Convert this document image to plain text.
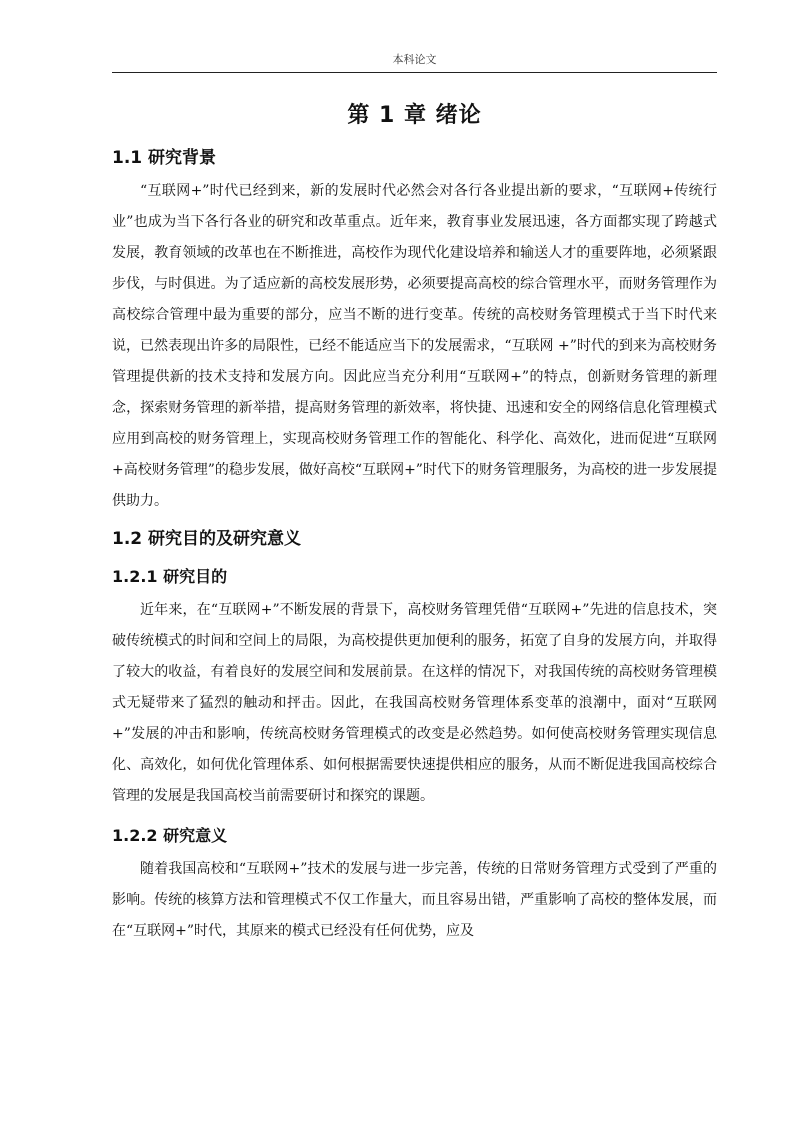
本科论文
第 1 章 绪论
1.1 研究背景

“互联网+”时代已经到来，新的发展时代必然会对各行各业提出新的要求，“互联网+传统行业”也成为当下各行各业的研究和改革重点。近年来，教育事业发展迅速，各方面都实现了跨越式发展，教育领域的改革也在不断推进，高校作为现代化建设培养和输送人才的重要阵地，必须紧跟步伐，与时俱进。为了适应新的高校发展形势，必须要提高高校的综合管理水平，而财务管理作为高校综合管理中最为重要的部分，应当不断的进行变革。传统的高校财务管理模式于当下时代来说，已然表现出许多的局限性，已经不能适应当下的发展需求，“互联网 +”时代的到来为高校财务管理提供新的技术支持和发展方向。因此应当充分利用“互联网+”的特点，创新财务管理的新理念，探索财务管理的新举措，提高财务管理的新效率，将快捷、迅速和安全的网络信息化管理模式应用到高校的财务管理上，实现高校财务管理工作的智能化、科学化、高效化，进而促进“互联网+高校财务管理”的稳步发展，做好高校“互联网+”时代下的财务管理服务，为高校的进一步发展提供助力。

1.2 研究目的及研究意义
1.2.1 研究目的

近年来，在“互联网+”不断发展的背景下，高校财务管理凭借“互联网+”先进的信息技术，突破传统模式的时间和空间上的局限，为高校提供更加便利的服务，拓宽了自身的发展方向，并取得了较大的收益，有着良好的发展空间和发展前景。在这样的情况下，对我国传统的高校财务管理模式无疑带来了猛烈的触动和抨击。因此，在我国高校财务管理体系变革的浪潮中，面对“互联网+”发展的冲击和影响，传统高校财务管理模式的改变是必然趋势。如何使高校财务管理实现信息化、高效化，如何优化管理体系、如何根据需要快速提供相应的服务，从而不断促进我国高校综合管理的发展是我国高校当前需要研讨和探究的课题。

1.2.2 研究意义

随着我国高校和“互联网+”技术的发展与进一步完善，传统的日常财务管理方式受到了严重的影响。传统的核算方法和管理模式不仅工作量大，而且容易出错，严重影响了高校的整体发展，而在“互联网+”时代，其原来的模式已经没有任何优势，应及
